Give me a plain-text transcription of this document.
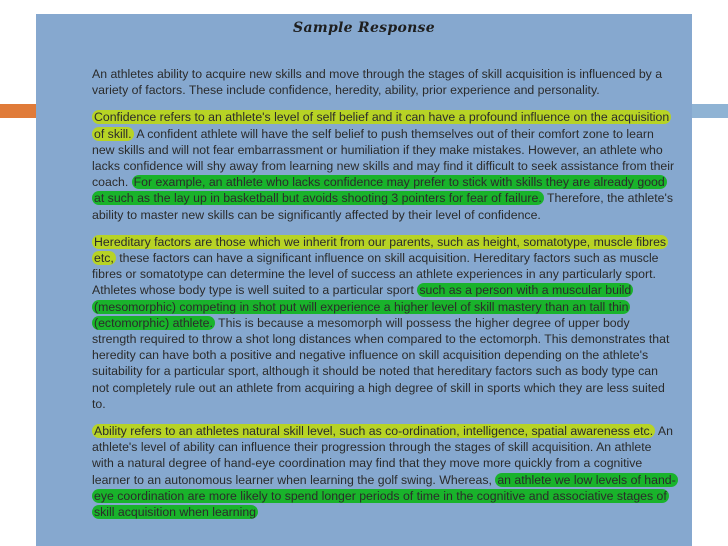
Sample Response

An athletes ability to acquire new skills and move through the stages of skill acquisition is influenced by a variety of factors. These include confidence, heredity, ability, prior experience and personality.

Confidence refers to an athlete's level of self belief and it can have a profound influence on the acquisition of skill. A confident athlete will have the self belief to push themselves out of their comfort zone to learn new skills and will not fear embarrassment or humiliation if they make mistakes. However, an athlete who lacks confidence will shy away from learning new skills and may find it difficult to seek assistance from their coach. For example, an athlete who lacks confidence may prefer to stick with skills they are already good at such as the lay up in basketball but avoids shooting 3 pointers for fear of failure. Therefore, the athlete's ability to master new skills can be significantly affected by their level of confidence.

Hereditary factors are those which we inherit from our parents, such as height, somatotype, muscle fibres etc, these factors can have a significant influence on skill acquisition. Hereditary factors such as muscle fibres or somatotype can determine the level of success an athlete experiences in any particularly sport. Athletes whose body type is well suited to a particular sport such as a person with a muscular build (mesomorphic) competing in shot put will experience a higher level of skill mastery than an tall thin (ectomorphic) athlete. This is because a mesomorph will possess the higher degree of upper body strength required to throw a shot long distances when compared to the ectomorph. This demonstrates that heredity can have both a positive and negative influence on skill acquisition depending on the athlete's suitability for a particular sport, although it should be noted that hereditary factors such as body type can not completely rule out an athlete from acquiring a high degree of skill in sports which they are less suited to.

Ability refers to an athletes natural skill level, such as co-ordination, intelligence, spatial awareness etc. An athlete's level of ability can influence their progression through the stages of skill acquisition. An athlete with a natural degree of hand-eye coordination may find that they move more quickly from a cognitive learner to an autonomous learner when learning the golf swing. Whereas, an athlete we low levels of hand-eye coordination are more likely to spend longer periods of time in the cognitive and associative stages of skill acquisition when learning
